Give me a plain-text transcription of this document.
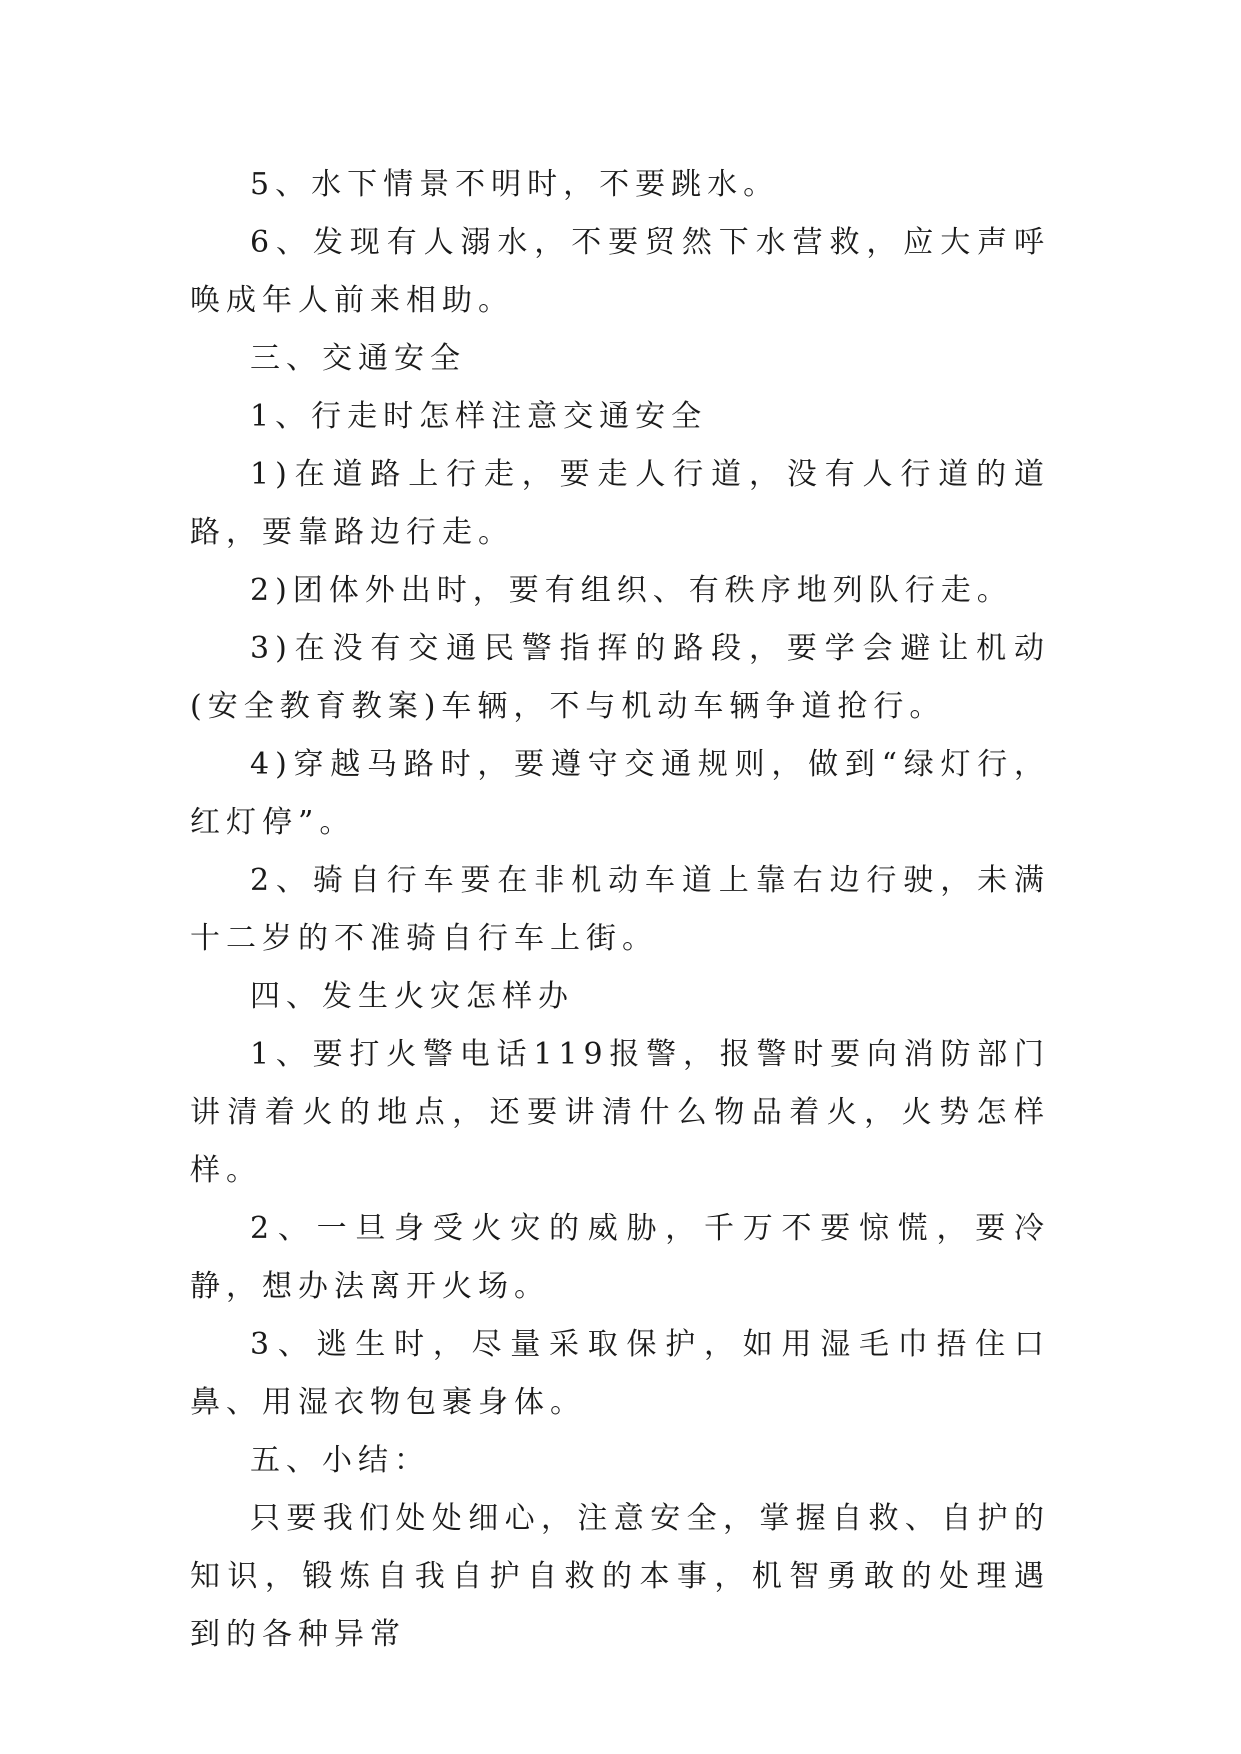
5、水下情景不明时，不要跳水。

6、发现有人溺水，不要贸然下水营救，应大声呼唤成年人前来相助。

三、交通安全

1、行走时怎样注意交通安全

1)在道路上行走，要走人行道，没有人行道的道路，要靠路边行走。

2)团体外出时，要有组织、有秩序地列队行走。

3)在没有交通民警指挥的路段，要学会避让机动(安全教育教案)车辆，不与机动车辆争道抢行。

4)穿越马路时，要遵守交通规则，做到“绿灯行，红灯停”。

2、骑自行车要在非机动车道上靠右边行驶，未满十二岁的不准骑自行车上街。

四、发生火灾怎样办

1、要打火警电话119报警，报警时要向消防部门讲清着火的地点，还要讲清什么物品着火，火势怎样样。

2、一旦身受火灾的威胁，千万不要惊慌，要冷静，想办法离开火场。

3、逃生时，尽量采取保护，如用湿毛巾捂住口鼻、用湿衣物包裹身体。

五、小结：

只要我们处处细心，注意安全，掌握自救、自护的知识，锻炼自我自护自救的本事，机智勇敢的处理遇到的各种异常
